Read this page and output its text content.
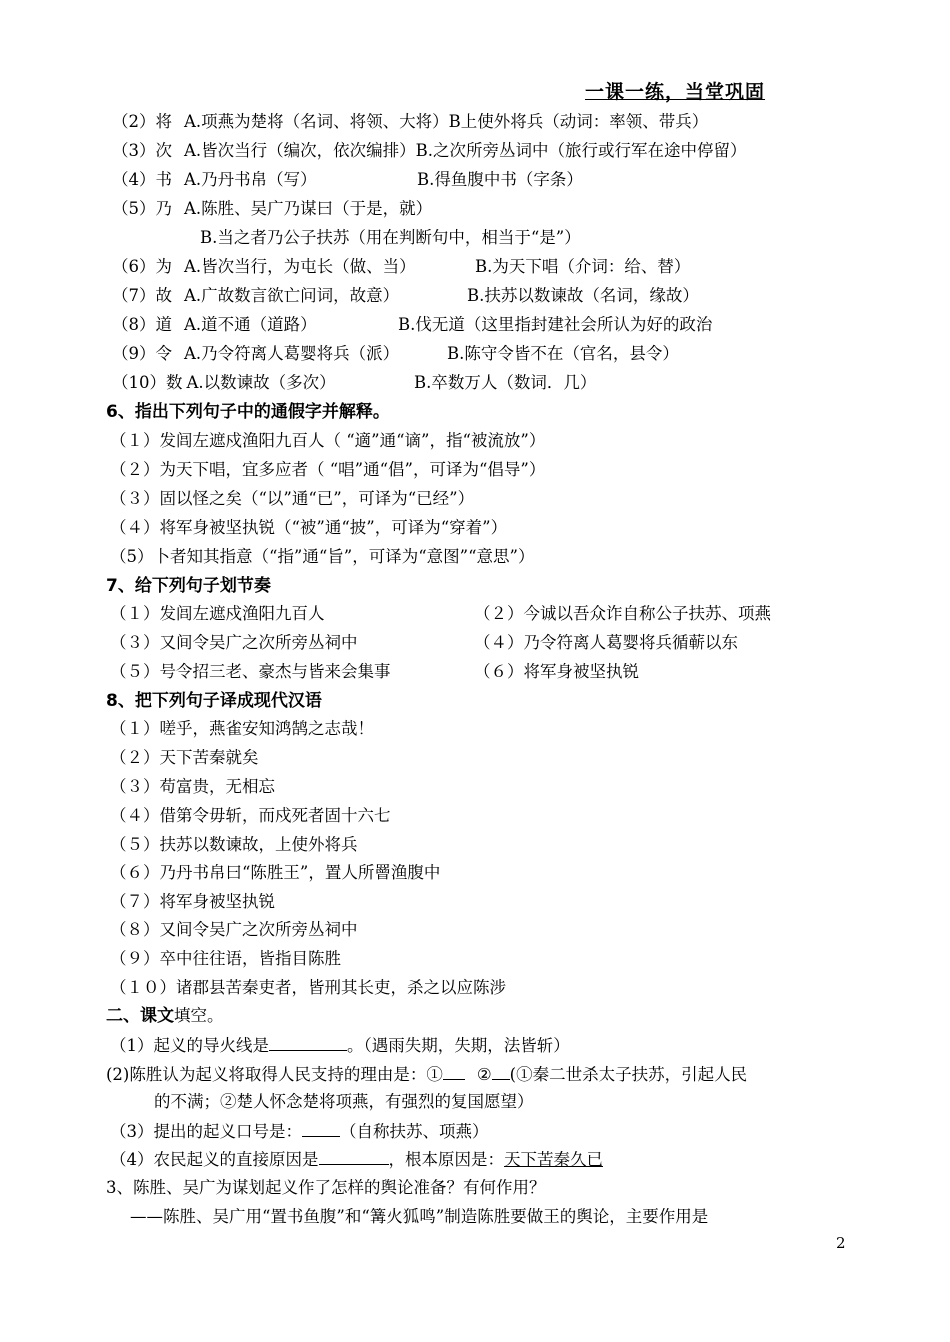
一课一练，当堂巩固
（2）将 A.项燕为楚将（名词、将领、大将）B上使外将兵（动词：率领、带兵）
（3）次 A.皆次当行（编次，依次编排）B.之次所旁丛词中（旅行或行军在途中停留）
（4）书 A.乃丹书帛（写）	B.得鱼腹中书（字条）
（5）乃 A.陈胜、吴广乃谋曰（于是，就）
B.当之者乃公子扶苏（用在判断句中，相当于“是”）
（6）为 A.皆次当行，为屯长（做、当）	B.为天下唱（介词：给、替）
（7）故 A.广故数言欲亡问词，故意）	B.扶苏以数谏故（名词，缘故）
（8）道 A.道不通（道路）	B.伐无道（这里指封建社会所认为好的政治
（9）令 A.乃令符离人葛婴将兵（派）	B.陈守令皆不在（官名，县令）
（10）数 A.以数谏故（多次）	B.卒数万人（数词．几）
6、指出下列句子中的通假字并解释。
（１）发闾左遮戍渔阳九百人（ “適”通“谪”，指“被流放”）
（２）为天下唱，宜多应者（ “唱”通“倡”，可译为“倡导”）
（３）固以怪之矣（“以”通“已”，可译为“已经”）
（４）将军身被坚执锐（“被”通“披”，可译为“穿着”）
（5）卜者知其指意（“指”通“旨”，可译为“意图”“意思”）
7、给下列句子划节奏
（１）发闾左遮戍渔阳九百人	（２）今诚以吾众诈自称公子扶苏、项燕
（３）又间令吴广之次所旁丛祠中	（４）乃令符离人葛婴将兵循蕲以东
（５）号令招三老、豪杰与皆来会集事	（６）将军身被坚执锐
8、把下列句子译成现代汉语
（１）嗟乎，燕雀安知鸿鹄之志哉！
（２）天下苦秦就矣
（３）苟富贵，无相忘
（４）借第令毋斩，而戍死者固十六七
（５）扶苏以数谏故，上使外将兵
（６）乃丹书帛曰“陈胜王”，置人所罾渔腹中
（７）将军身被坚执锐
（８）又间令吴广之次所旁丛祠中
（９）卒中往往语，皆指目陈胜
（１０）诸郡县苦秦吏者，皆刑其长吏，杀之以应陈涉
二、课文填空。
（1）起义的导火线是	。（遇雨失期，失期，法皆斩）
(2)陈胜认为起义将取得人民支持的理由是：① ② (①秦二世杀太子扶苏，引起人民
的不满；②楚人怀念楚将项燕，有强烈的复国愿望）
（3）提出的起义口号是： （自称扶苏、项燕）
（4）农民起义的直接原因是	，根本原因是：天下苦秦久已
3、陈胜、吴广为谋划起义作了怎样的舆论准备？有何作用？
——陈胜、吴广用“置书鱼腹”和“篝火狐鸣”制造陈胜要做王的舆论，主要作用是
2
